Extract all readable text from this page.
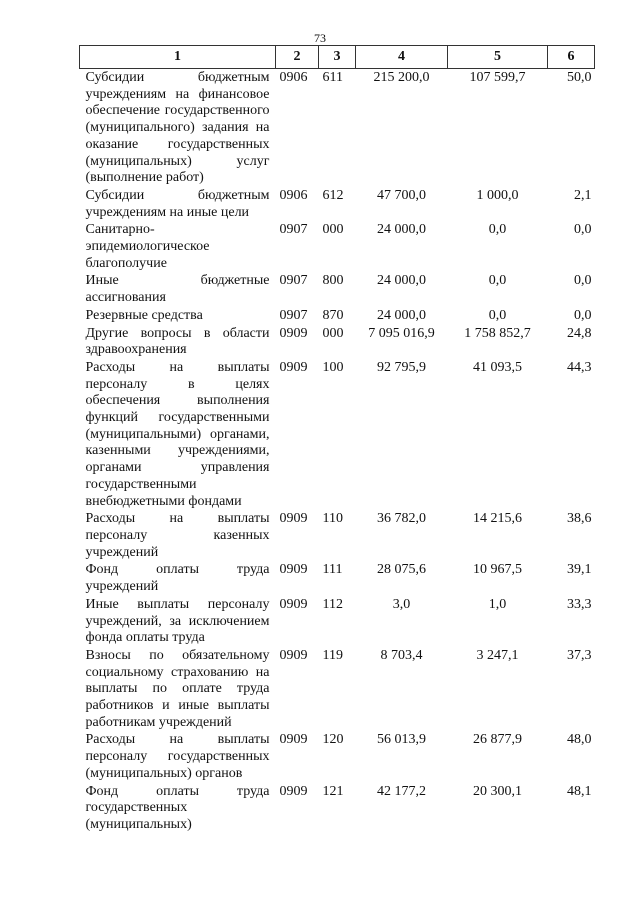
73
1	2	3	4	5	6
Субсидии бюджетным учреждениям на финансовое обеспечение государственного (муниципального) задания на оказание государственных (муниципальных) услуг (выполнение работ)	0906	611	215 200,0	107 599,7	50,0
Субсидии бюджетным учреждениям на иные цели	0906	612	47 700,0	1 000,0	2,1
Санитарно-эпидемиологическое благополучие	0907	000	24 000,0	0,0	0,0
Иные бюджетные ассигнования	0907	800	24 000,0	0,0	0,0
Резервные средства	0907	870	24 000,0	0,0	0,0
Другие вопросы в области здравоохранения	0909	000	7 095 016,9	1 758 852,7	24,8
Расходы на выплаты персоналу в целях обеспечения выполнения функций государственными (муниципальными) органами, казенными учреждениями, органами управления государственными внебюджетными фондами	0909	100	92 795,9	41 093,5	44,3
Расходы на выплаты персоналу казенных учреждений	0909	110	36 782,0	14 215,6	38,6
Фонд оплаты труда учреждений	0909	111	28 075,6	10 967,5	39,1
Иные выплаты персоналу учреждений, за исключением фонда оплаты труда	0909	112	3,0	1,0	33,3
Взносы по обязательному социальному страхованию на выплаты по оплате труда работников и иные выплаты работникам учреждений	0909	119	8 703,4	3 247,1	37,3
Расходы на выплаты персоналу государственных (муниципальных) органов	0909	120	56 013,9	26 877,9	48,0
Фонд оплаты труда государственных (муниципальных)	0909	121	42 177,2	20 300,1	48,1
